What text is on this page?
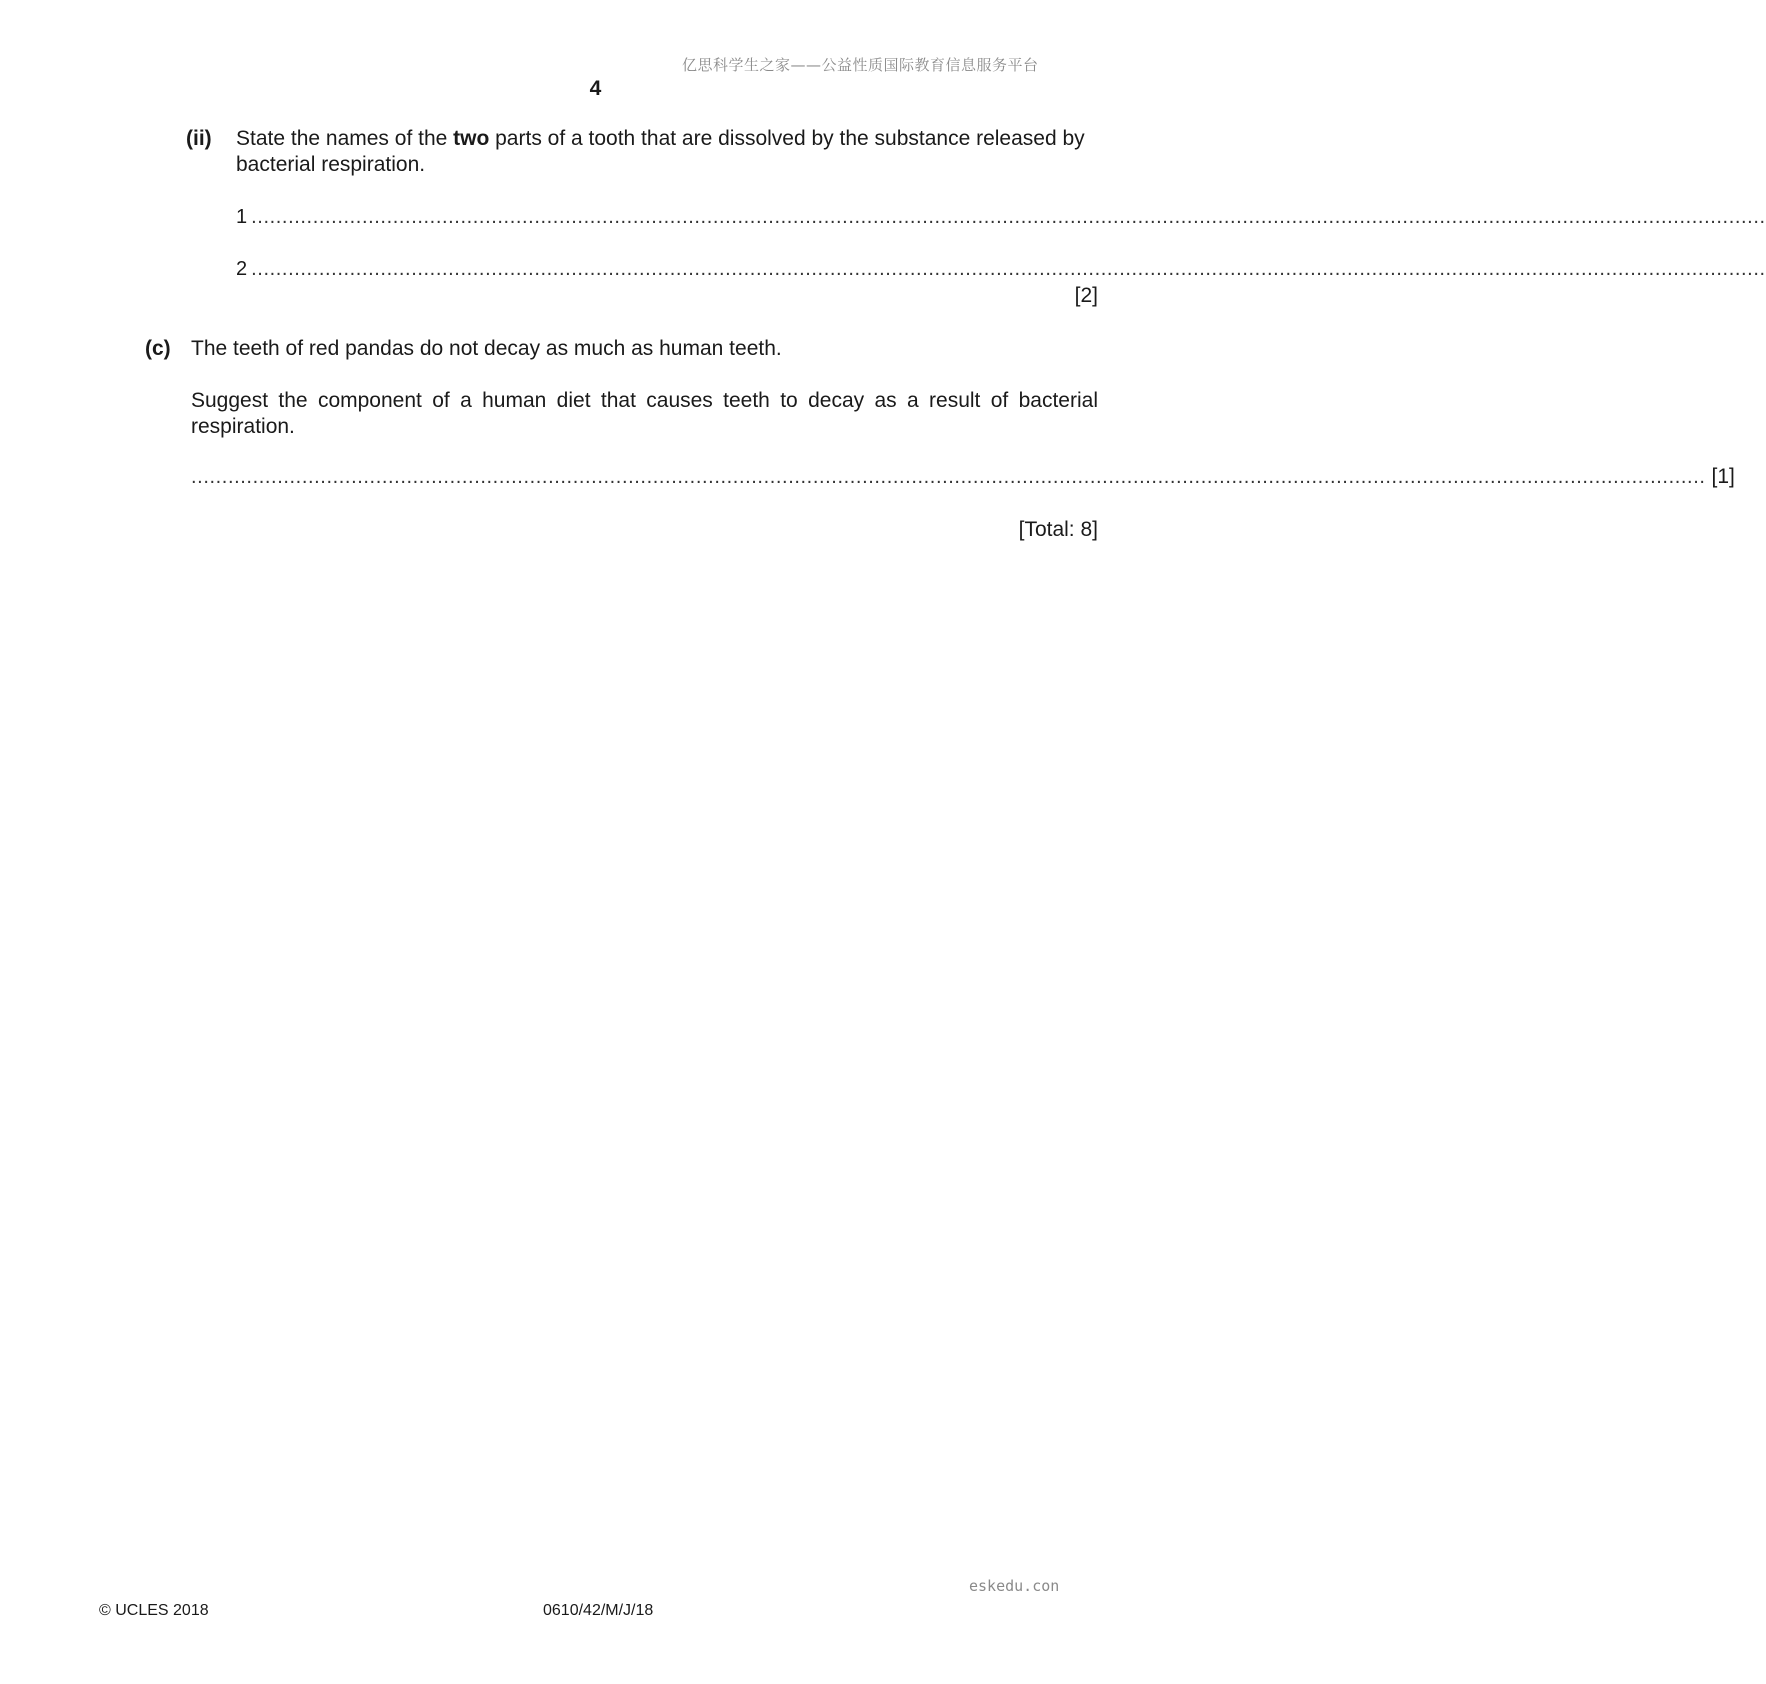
亿思科学生之家——公益性质国际教育信息服务平台
4
(ii) State the names of the two parts of a tooth that are dissolved by the substance released by bacterial respiration.
1 ......................................................................................................................................................................................................................................................
2 ......................................................................................................................................................................................................................................................
[2]
(c) The teeth of red pandas do not decay as much as human teeth.
Suggest the component of a human diet that causes teeth to decay as a result of bacterial respiration.
...................................................................................................................................................................................................................................................... [1]
[Total: 8]
eskedu.con
© UCLES 2018	0610/42/M/J/18
